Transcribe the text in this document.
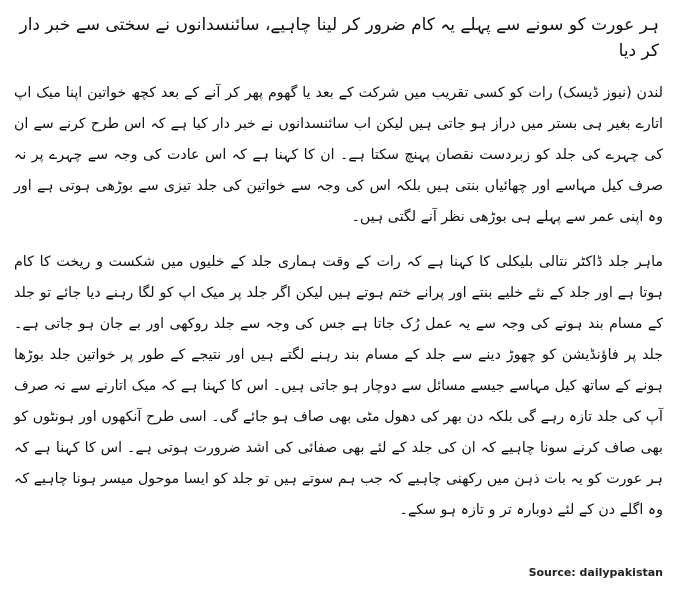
ہر عورت کو سونے سے پہلے یہ کام ضرور کر لینا چاہیے، سائنسدانوں نے سختی سے خبر دار کر دیا

لندن (نیوز ڈیسک) رات کو کسی تقریب میں شرکت کے بعد یا گھوم پھر کر آنے کے بعد کچھ خواتین اپنا میک اپ اتارے بغیر ہی بستر میں دراز ہو جاتی ہیں لیکن اب سائنسدانوں نے خبر دار کیا ہے کہ اس طرح کرنے سے ان کی چہرے کی جلد کو زبردست نقصان پہنچ سکتا ہے۔ ان کا کہنا ہے کہ اس عادت کی وجہ سے چہرے پر نہ صرف کیل مہاسے اور چھائیاں بنتی ہیں بلکہ اس کی وجہ سے خواتین کی جلد تیزی سے بوڑھی ہوتی ہے اور وہ اپنی عمر سے پہلے ہی بوڑھی نظر آنے لگتی ہیں۔

ماہر جلد ڈاکٹر نتالی بلیکلی کا کہنا ہے کہ رات کے وقت ہماری جلد کے خلیوں میں شکست و ریخت کا کام ہوتا ہے اور جلد کے نئے خلیے بنتے اور پرانے ختم ہوتے ہیں لیکن اگر جلد پر میک اپ کو لگا رہنے دیا جائے تو جلد کے مسام بند ہونے کی وجہ سے یہ عمل رُک جاتا ہے جس کی وجہ سے جلد روکھی اور بے جان ہو جاتی ہے۔ جلد پر فاؤنڈیشن کو چھوڑ دینے سے جلد کے مسام بند رہنے لگتے ہیں اور نتیجے کے طور پر خواتین جلد بوڑھا ہونے کے ساتھ کیل مہاسے جیسے مسائل سے دوچار ہو جاتی ہیں۔ اس کا کہنا ہے کہ میک اتارنے سے نہ صرف آپ کی جلد تازہ رہے گی بلکہ دن بھر کی دھول مٹی بھی صاف ہو جائے گی۔ اسی طرح آنکھوں اور ہونٹوں کو بھی صاف کرنے سونا چاہیے کہ ان کی جلد کے لئے بھی صفائی کی اشد ضرورت ہوتی ہے۔ اس کا کہنا ہے کہ ہر عورت کو یہ بات ذہن میں رکھنی چاہیے کہ جب ہم سوتے ہیں تو جلد کو ایسا موحول میسر ہونا چاہیے کہ وہ اگلے دن کے لئے دوبارہ تر و تازہ ہو سکے۔

Source: dailypakistan
